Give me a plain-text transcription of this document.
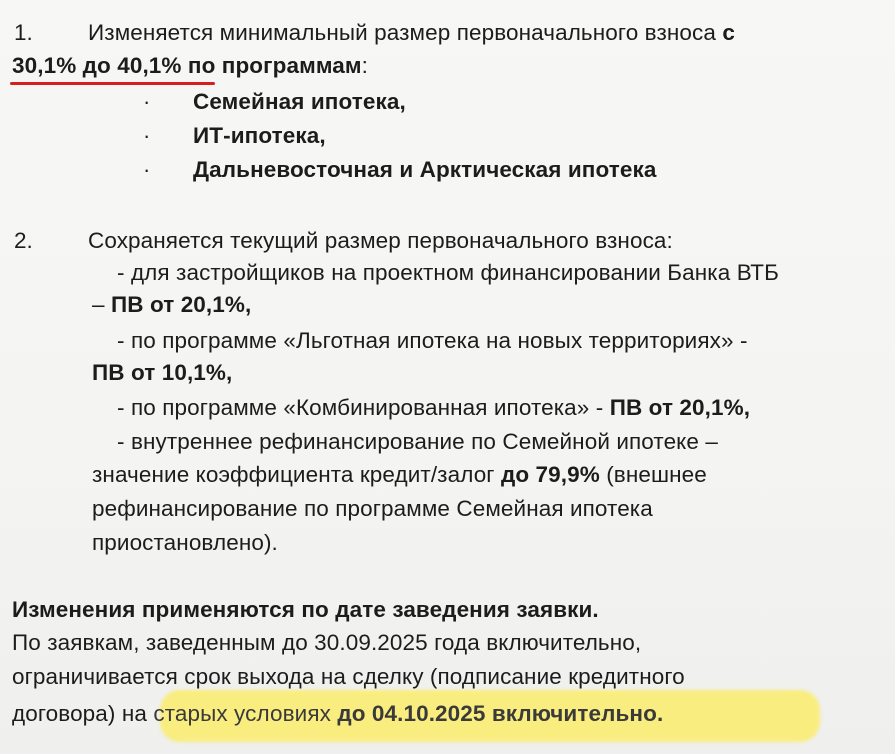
1. Изменяется минимальный размер первоначального взноса с
30,1% до 40,1% по программам:
· Семейная ипотека,
· ИТ-ипотека,
· Дальневосточная и Арктическая ипотека
2. Сохраняется текущий размер первоначального взноса:
- для застройщиков на проектном финансировании Банка ВТБ
– ПВ от 20,1%,
- по программе «Льготная ипотека на новых территориях» -
ПВ от 10,1%,
- по программе «Комбинированная ипотека» - ПВ от 20,1%,
- внутреннее рефинансирование по Семейной ипотеке –
значение коэффициента кредит/залог до 79,9% (внешнее
рефинансирование по программе Семейная ипотека
приостановлено).
Изменения применяются по дате заведения заявки.
По заявкам, заведенным до 30.09.2025 года включительно,
ограничивается срок выхода на сделку (подписание кредитного
договора) на старых условиях до 04.10.2025 включительно.
